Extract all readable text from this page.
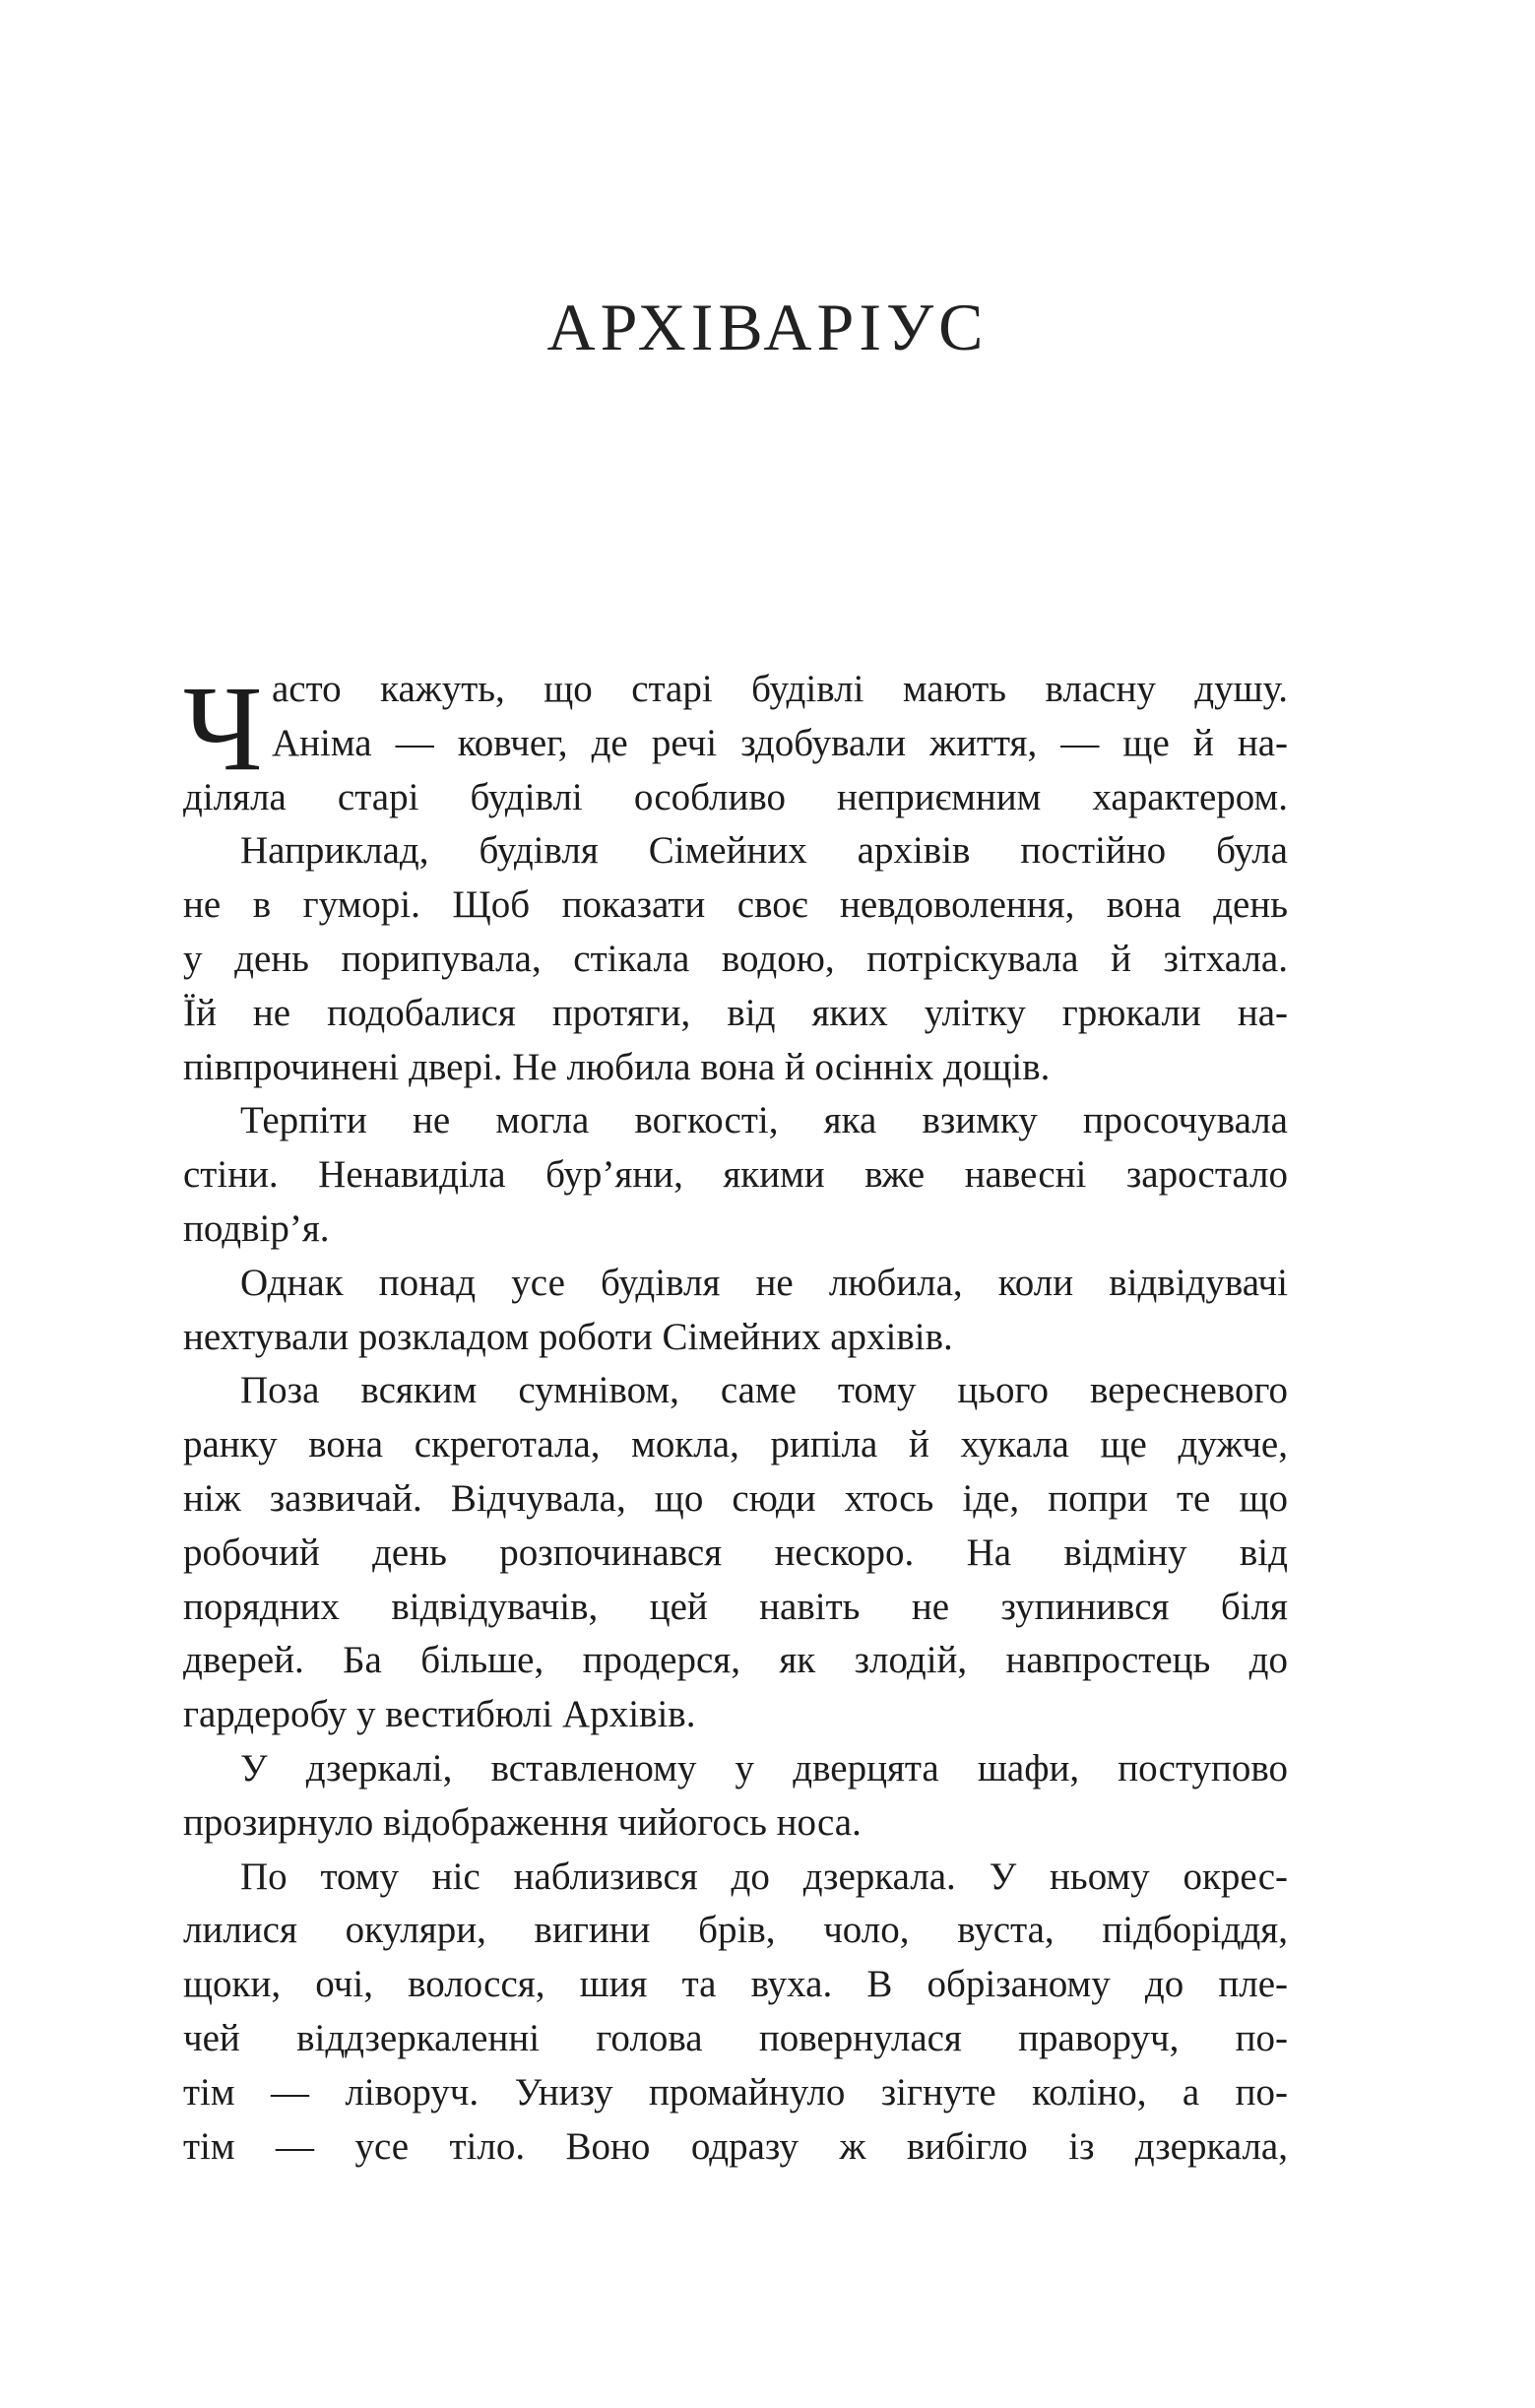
АРХІВАРІУС
Ч асто кажуть, що старі будівлі мають власну душу.
Аніма — ковчег, де речі здобували життя, — ще й на-
діляла старі будівлі особливо неприємним характером.
Наприклад, будівля Сімейних архівів постійно була
не в гуморі. Щоб показати своє невдоволення, вона день
у день порипувала, стікала водою, потріскувала й зітхала.
Їй не подобалися протяги, від яких улітку грюкали на-
півпрочинені двері. Не любила вона й осінніх дощів.
Терпіти не могла вогкості, яка взимку просочувала
стіни. Ненавиділа бур’яни, якими вже навесні заростало
подвір’я.
Однак понад усе будівля не любила, коли відвідувачі
нехтували розкладом роботи Сімейних архівів.
Поза всяким сумнівом, саме тому цього вересневого
ранку вона скреготала, мокла, рипіла й хукала ще дужче,
ніж зазвичай. Відчувала, що сюди хтось іде, попри те що
робочий день розпочинався нескоро. На відміну від
порядних відвідувачів, цей навіть не зупинився біля
дверей. Ба більше, продерся, як злодій, навпростець до
гардеробу у вестибюлі Архівів.
У дзеркалі, вставленому у дверцята шафи, поступово
прозирнуло відображення чийогось носа.
По тому ніс наблизився до дзеркала. У ньому окрес-
лилися окуляри, вигини брів, чоло, вуста, підборіддя,
щоки, очі, волосся, шия та вуха. В обрізаному до пле-
чей віддзеркаленні голова повернулася праворуч, по-
тім — ліворуч. Унизу промайнуло зігнуте коліно, а по-
тім — усе тіло. Воно одразу ж вибігло із дзеркала,
